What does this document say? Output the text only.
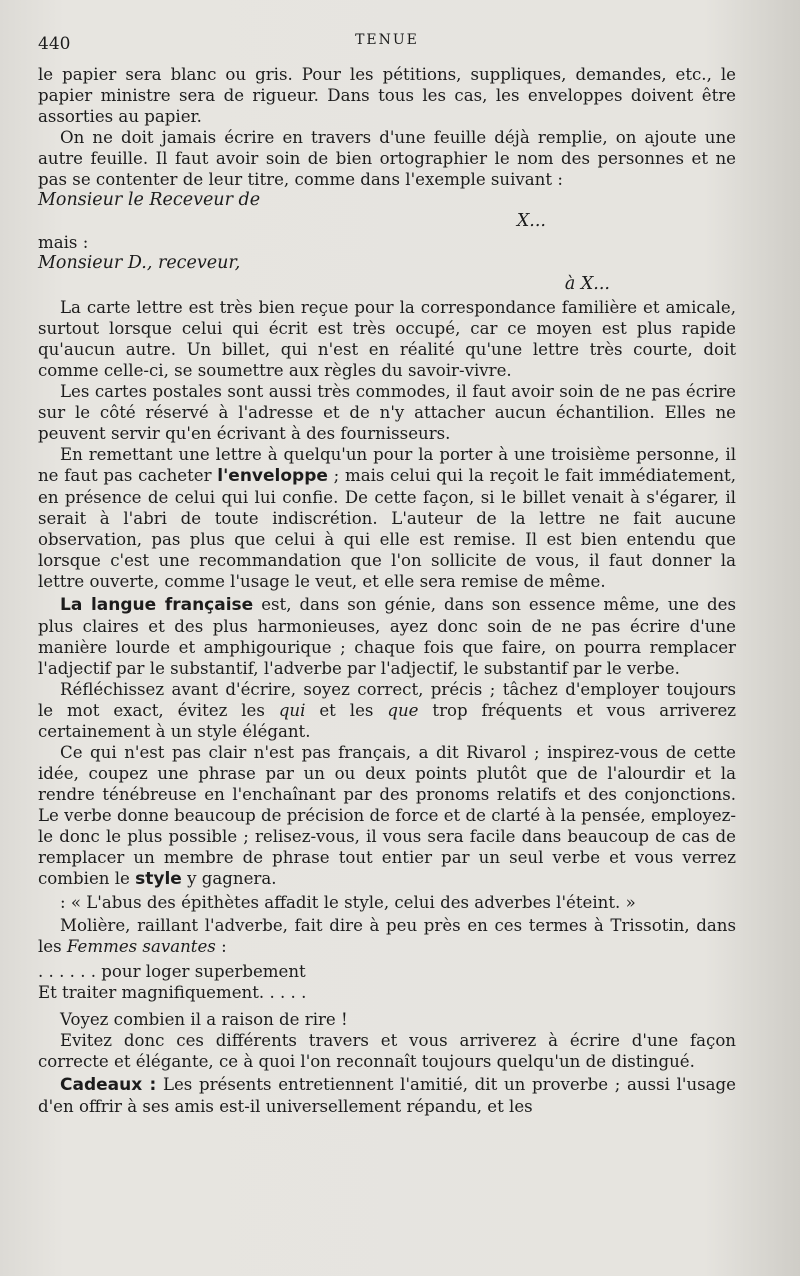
440	TENUE

le papier sera blanc ou gris. Pour les pétitions, suppliques, demandes, etc., le papier ministre sera de rigueur. Dans tous les cas, les enveloppes doivent être assorties au papier.

On ne doit jamais écrire en travers d'une feuille déjà remplie, on ajoute une autre feuille. Il faut avoir soin de bien ortographier le nom des personnes et ne pas se contenter de leur titre, comme dans l'exemple suivant :

Monsieur le Receveur de

X...

mais :

Monsieur D., receveur,

à X...

La carte lettre est très bien reçue pour la correspondance familière et amicale, surtout lorsque celui qui écrit est très occupé, car ce moyen est plus rapide qu'aucun autre. Un billet, qui n'est en réalité qu'une lettre très courte, doit comme celle-ci, se soumettre aux règles du savoir-vivre.

Les cartes postales sont aussi très commodes, il faut avoir soin de ne pas écrire sur le côté réservé à l'adresse et de n'y attacher aucun échantilion. Elles ne peuvent servir qu'en écrivant à des fournisseurs.

En remettant une lettre à quelqu'un pour la porter à une troisième personne, il ne faut pas cacheter l'enveloppe ; mais celui qui la reçoit le fait immédiatement, en présence de celui qui lui confie. De cette façon, si le billet venait à s'égarer, il serait à l'abri de toute indiscrétion. L'auteur de la lettre ne fait aucune observation, pas plus que celui à qui elle est remise. Il est bien entendu que lorsque c'est une recommandation que l'on sollicite de vous, il faut donner la lettre ouverte, comme l'usage le veut, et elle sera remise de même.

La langue française est, dans son génie, dans son essence même, une des plus claires et des plus harmonieuses, ayez donc soin de ne pas écrire d'une manière lourde et amphigourique ; chaque fois que faire, on pourra remplacer l'adjectif par le substantif, l'adverbe par l'adjectif, le substantif par le verbe.

Réfléchissez avant d'écrire, soyez correct, précis ; tâchez d'employer toujours le mot exact, évitez les qui et les que trop fréquents et vous arriverez certainement à un style élégant.

Ce qui n'est pas clair n'est pas français, a dit Rivarol ; inspirez-vous de cette idée, coupez une phrase par un ou deux points plutôt que de l'alourdir et la rendre ténébreuse en l'enchaînant par des pronoms relatifs et des conjonctions. Le verbe donne beaucoup de précision de force et de clarté à la pensée, employez-le donc le plus possible ; relisez-vous, il vous sera facile dans beaucoup de cas de remplacer un membre de phrase tout entier par un seul verbe et vous verrez combien le style y gagnera.

: « L'abus des épithètes affadit le style, celui des adverbes l'éteint. »

Molière, raillant l'adverbe, fait dire à peu près en ces termes à Trissotin, dans les Femmes savantes :

. . . . . . pour loger superbement

Et traiter magnifiquement. . . . .

Voyez combien il a raison de rire !

Evitez donc ces différents travers et vous arriverez à écrire d'une façon correcte et élégante, ce à quoi l'on reconnaît toujours quelqu'un de distingué.

Cadeaux : Les présents entretiennent l'amitié, dit un proverbe ; aussi l'usage d'en offrir à ses amis est-il universellement répandu, et les
